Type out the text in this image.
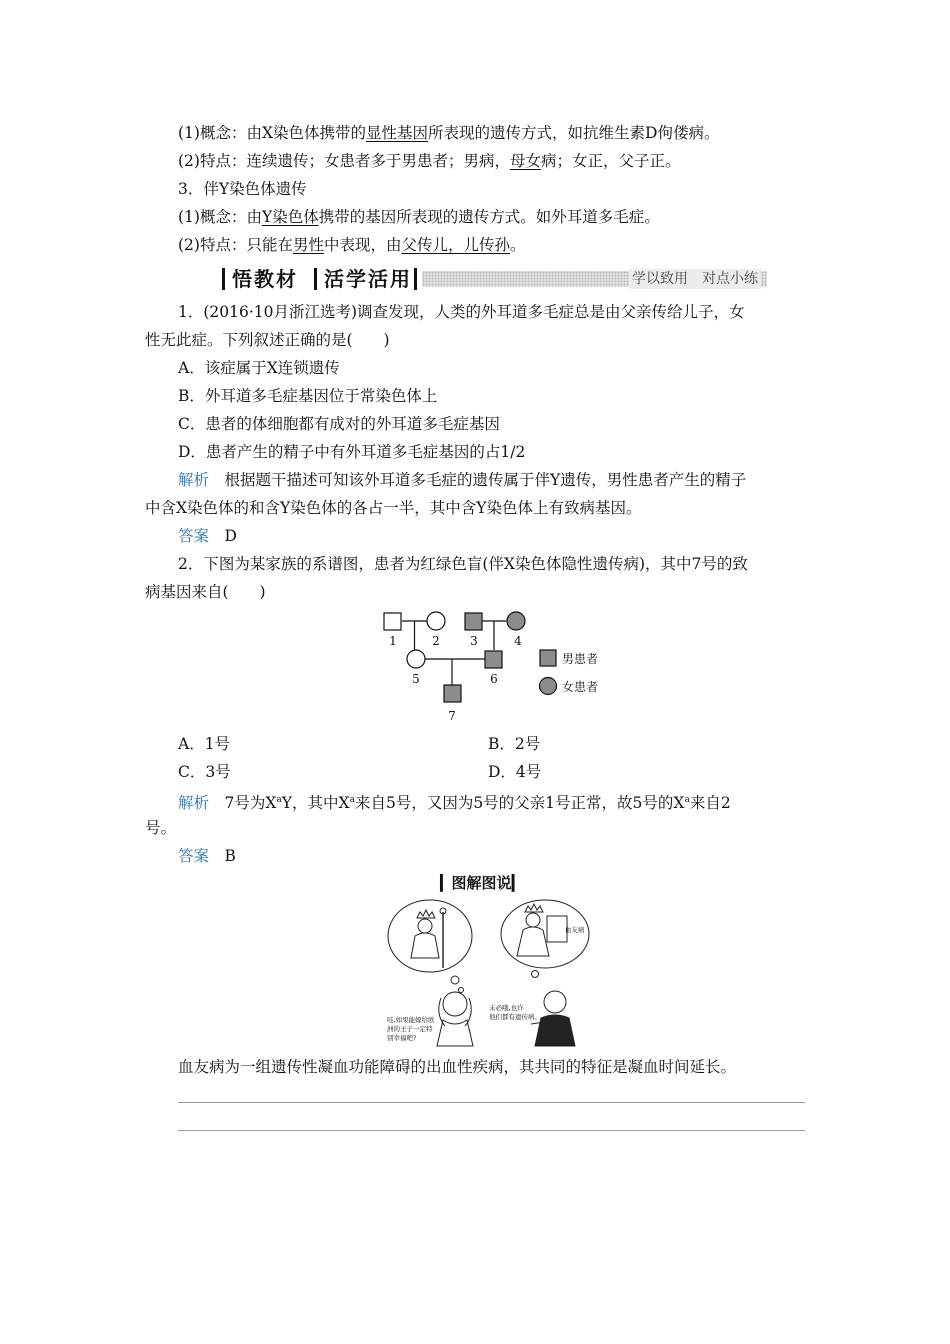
(1)概念：由X染色体携带的显性基因所表现的遗传方式，如抗维生素D佝偻病。
(2)特点：连续遗传；女患者多于男患者；男病，母女病；女正，父子正。
3．伴Y染色体遗传
(1)概念：由Y染色体携带的基因所表现的遗传方式。如外耳道多毛症。
(2)特点：只能在男性中表现，由父传儿，儿传孙。
悟教材 活学活用	学以致用　对点小练
1．(2016·10月浙江选考)调查发现，人类的外耳道多毛症总是由父亲传给儿子，女
性无此症。下列叙述正确的是(　　)
A．该症属于X连锁遗传
B．外耳道多毛症基因位于常染色体上
C．患者的体细胞都有成对的外耳道多毛症基因
D．患者产生的精子中有外耳道多毛症基因的占1/2
解析　根据题干描述可知该外耳道多毛症的遗传属于伴Y遗传，男性患者产生的精子
中含X染色体的和含Y染色体的各占一半，其中含Y染色体上有致病基因。
答案　D
2．下图为某家族的系谱图，患者为红绿色盲(伴X染色体隐性遗传病)，其中7号的致
病基因来自(　　)
1	2	3	4
5	6
7
男患者
女患者
A．1号	B．2号
C．3号	D．4号
解析　7号为$X^aY$，其中$X^a$来自5号，又因为5号的父亲1号正常，故5号的$X^a$来自2
号。
答案　B
▎图解图说▎
血友病
未必哦,也许
他们都有遗传病。
哇,如果能嫁给欧
洲的王子一定特
别幸福吧?
血友病为一组遗传性凝血功能障碍的出血性疾病，其共同的特征是凝血时间延长。
